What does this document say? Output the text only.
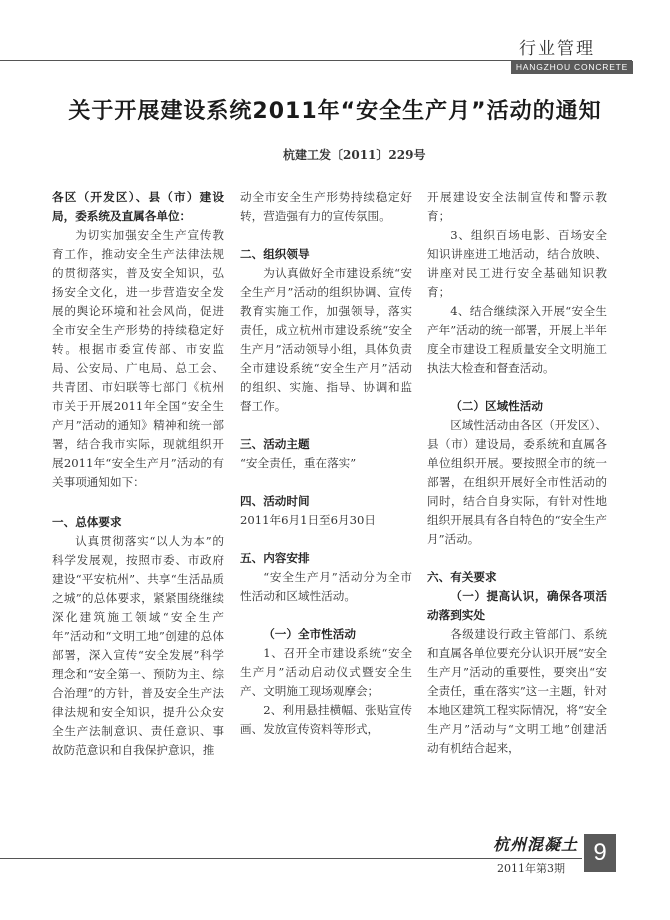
行业管理
HANGZHOU CONCRETE
关于开展建设系统2011年“安全生产月”活动的通知
杭建工发〔2011〕229号

各区（开发区）、县（市）建设局，委系统及直属各单位：

为切实加强安全生产宣传教育工作，推动安全生产法律法规的贯彻落实，普及安全知识，弘扬安全文化，进一步营造安全发展的舆论环境和社会风尚，促进全市安全生产形势的持续稳定好转。根据市委宣传部、市安监局、公安局、广电局、总工会、共青团、市妇联等七部门《杭州市关于开展2011年全国“安全生产月”活动的通知》精神和统一部署，结合我市实际，现就组织开展2011年“安全生产月”活动的有关事项通知如下：

一、总体要求

认真贯彻落实“以人为本”的科学发展观，按照市委、市政府建设“平安杭州”、共享“生活品质之城”的总体要求，紧紧围绕继续深化建筑施工领域“安全生产年”活动和“文明工地”创建的总体部署，深入宣传“安全发展”科学理念和“安全第一、预防为主、综合治理”的方针，普及安全生产法律法规和安全知识，提升公众安全生产法制意识、责任意识、事故防范意识和自我保护意识，推

动全市安全生产形势持续稳定好转，营造强有力的宣传氛围。

二、组织领导

为认真做好全市建设系统“安全生产月”活动的组织协调、宣传教育实施工作，加强领导，落实责任，成立杭州市建设系统“安全生产月”活动领导小组，具体负责全市建设系统“安全生产月”活动的组织、实施、指导、协调和监督工作。

三、活动主题

“安全责任，重在落实”

四、活动时间

2011年6月1日至6月30日

五、内容安排

“安全生产月”活动分为全市性活动和区域性活动。

（一）全市性活动

1、召开全市建设系统“安全生产月”活动启动仪式暨安全生产、文明施工现场观摩会；

2、利用悬挂横幅、张贴宣传画、发放宣传资料等形式，

开展建设安全法制宣传和警示教育；

3、组织百场电影、百场安全知识讲座进工地活动，结合放映、讲座对民工进行安全基础知识教育；

4、结合继续深入开展“安全生产年”活动的统一部署，开展上半年度全市建设工程质量安全文明施工执法大检查和督查活动。

（二）区域性活动

区域性活动由各区（开发区）、县（市）建设局，委系统和直属各单位组织开展。要按照全市的统一部署，在组织开展好全市性活动的同时，结合自身实际，有针对性地组织开展具有各自特色的“安全生产月”活动。

六、有关要求

（一）提高认识，确保各项活动落到实处

各级建设行政主管部门、系统和直属各单位要充分认识开展“安全生产月”活动的重要性，要突出“安全责任，重在落实”这一主题，针对本地区建筑工程实际情况，将“安全生产月”活动与“文明工地”创建活动有机结合起来，

杭州混凝土
2011年第3期
9
